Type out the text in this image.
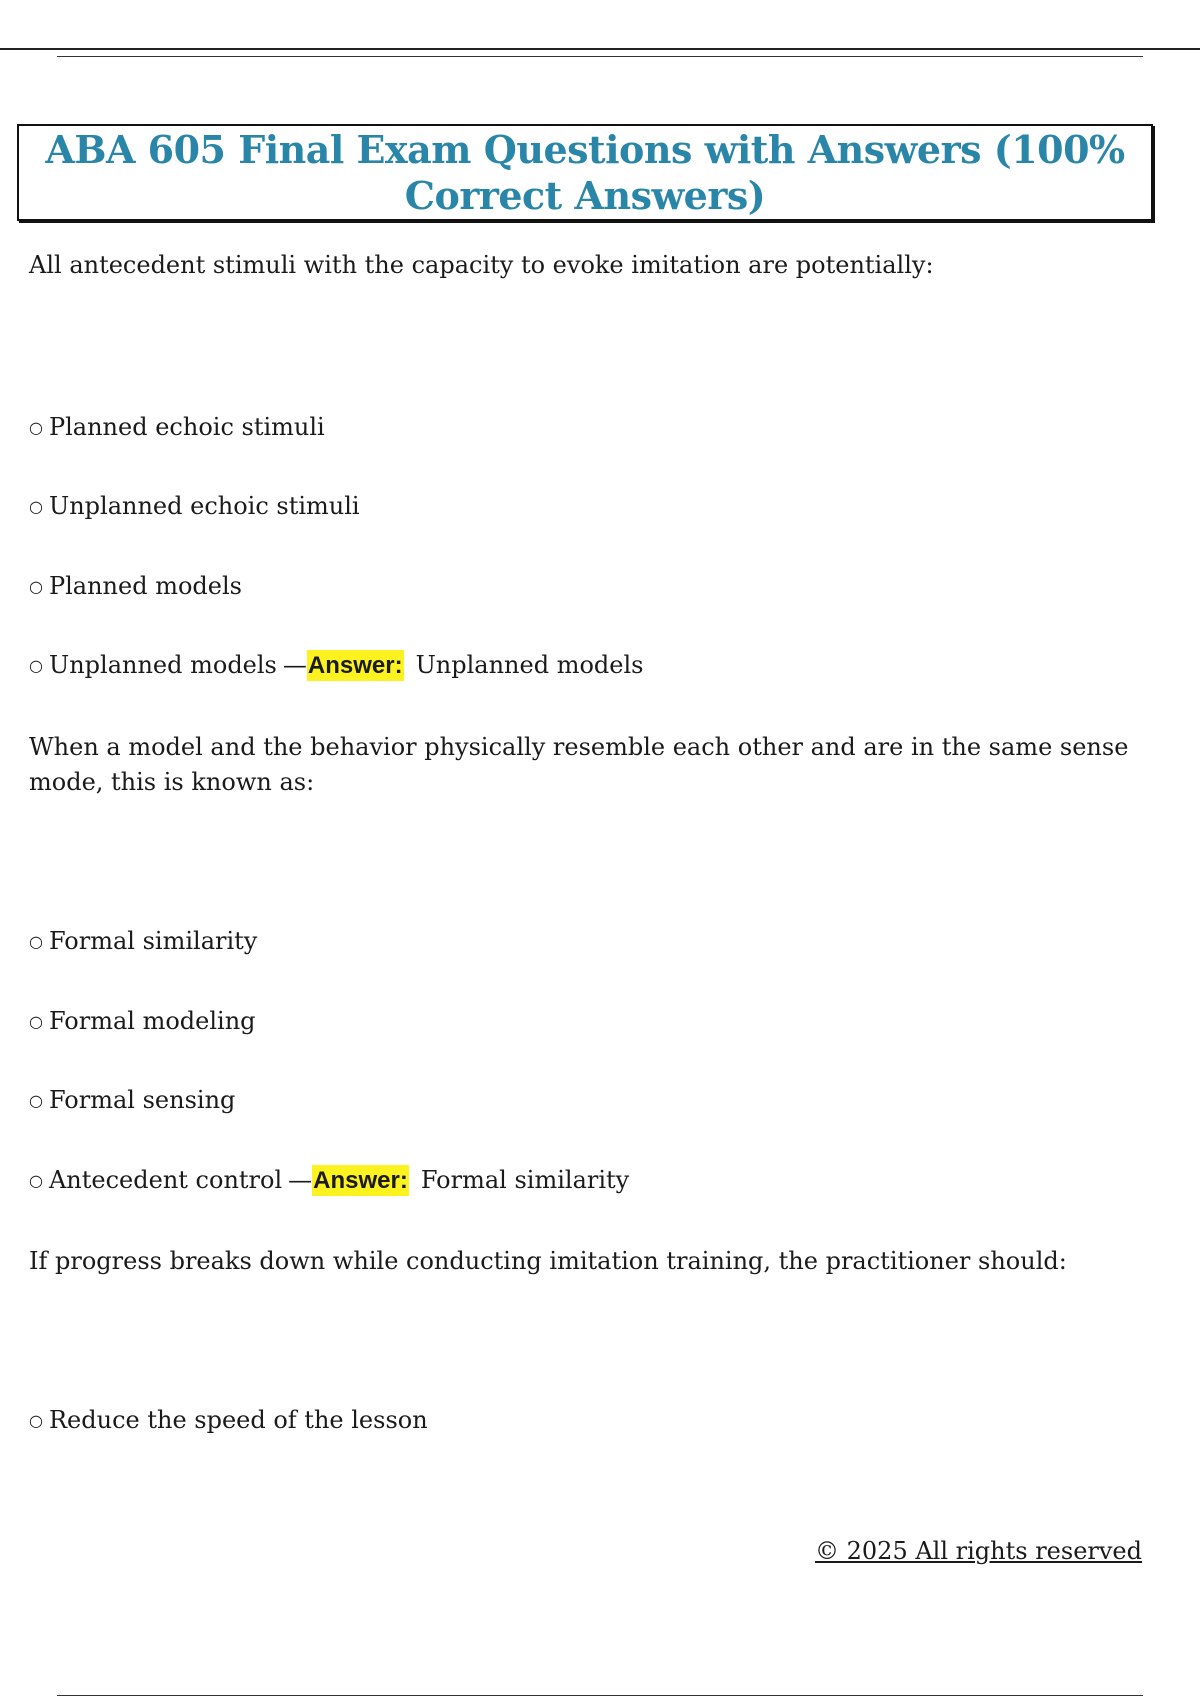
ABA 605 Final Exam Questions with Answers (100% Correct Answers)
All antecedent stimuli with the capacity to evoke imitation are potentially:
○ Planned echoic stimuli
○ Unplanned echoic stimuli
○ Planned models
○ Unplanned models —Answer: Unplanned models
When a model and the behavior physically resemble each other and are in the same sense mode, this is known as:
○ Formal similarity
○ Formal modeling
○ Formal sensing
○ Antecedent control —Answer: Formal similarity
If progress breaks down while conducting imitation training, the practitioner should:
○ Reduce the speed of the lesson
© 2025 All rights reserved
